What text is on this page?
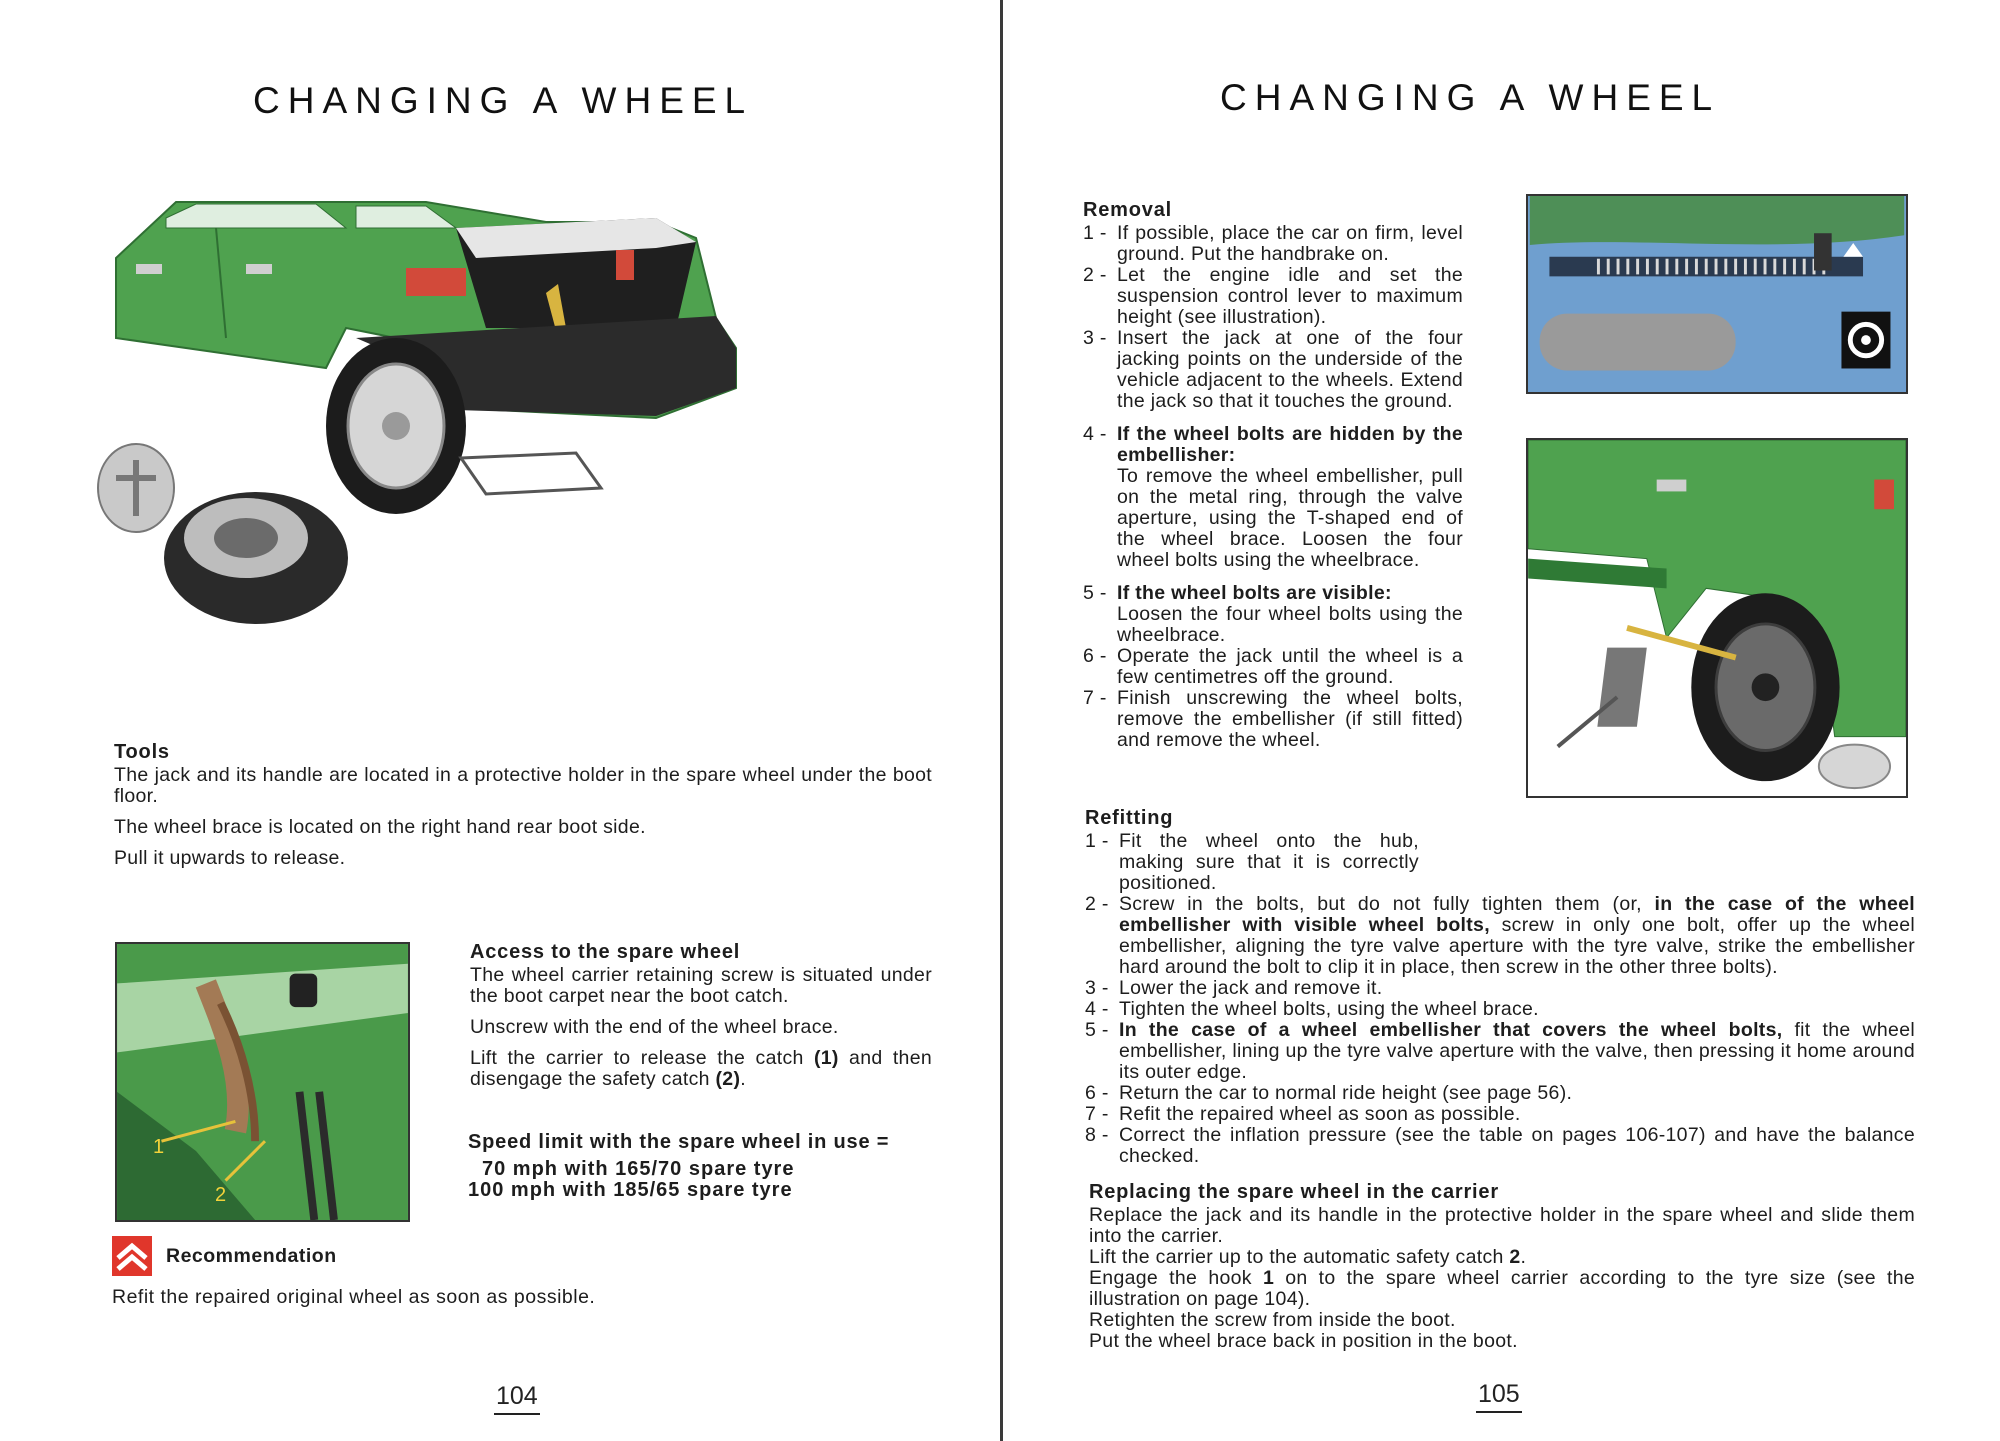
CHANGING A WHEEL
Tools

The jack and its handle are located in a protective holder in the spare wheel under the boot floor.

The wheel brace is located on the right hand rear boot side.

Pull it upwards to release.

1
2
Access to the spare wheel

The wheel carrier retaining screw is situated under the boot carpet near the boot catch.

Unscrew with the end of the wheel brace.

Lift the carrier to release the catch (1) and then disengage the safety catch (2).

Speed limit with the spare wheel in use =
70 mph with 165/70 spare tyre
100 mph with 185/65 spare tyre
Recommendation

Refit the repaired original wheel as soon as possible.

104
CHANGING A WHEEL
Removal
1 - If possible, place the car on firm, level ground. Put the handbrake on.
2 - Let the engine idle and set the suspension control lever to maximum height (see illustration).
3 - Insert the jack at one of the four jacking points on the underside of the vehicle adjacent to the wheels. Extend the jack so that it touches the ground.
4 - If the wheel bolts are hidden by the embellisher:
To remove the wheel embellisher, pull on the metal ring, through the valve aperture, using the T-shaped end of the wheel brace. Loosen the four wheel bolts using the wheelbrace.
5 - If the wheel bolts are visible:
Loosen the four wheel bolts using the wheelbrace.
6 - Operate the jack until the wheel is a few centimetres off the ground.
7 - Finish unscrewing the wheel bolts, remove the embellisher (if still fitted) and remove the wheel.
Refitting
1 - Fit the wheel onto the hub, making sure that it is correctly positioned.
2 - Screw in the bolts, but do not fully tighten them (or, in the case of the wheel embellisher with visible wheel bolts, screw in only one bolt, offer up the wheel embellisher, aligning the tyre valve aperture with the tyre valve, strike the embellisher hard around the bolt to clip it in place, then screw in the other three bolts).
3 - Lower the jack and remove it.
4 - Tighten the wheel bolts, using the wheel brace.
5 - In the case of a wheel embellisher that covers the wheel bolts, fit the wheel embellisher, lining up the tyre valve aperture with the valve, then pressing it home around its outer edge.
6 - Return the car to normal ride height (see page 56).
7 - Refit the repaired wheel as soon as possible.
8 - Correct the inflation pressure (see the table on pages 106-107) and have the balance checked.
Replacing the spare wheel in the carrier
Replace the jack and its handle in the protective holder in the spare wheel and slide them into the carrier.
Lift the carrier up to the automatic safety catch 2.
Engage the hook 1 on to the spare wheel carrier according to the tyre size (see the illustration on page 104).
Retighten the screw from inside the boot.
Put the wheel brace back in position in the boot.
105
